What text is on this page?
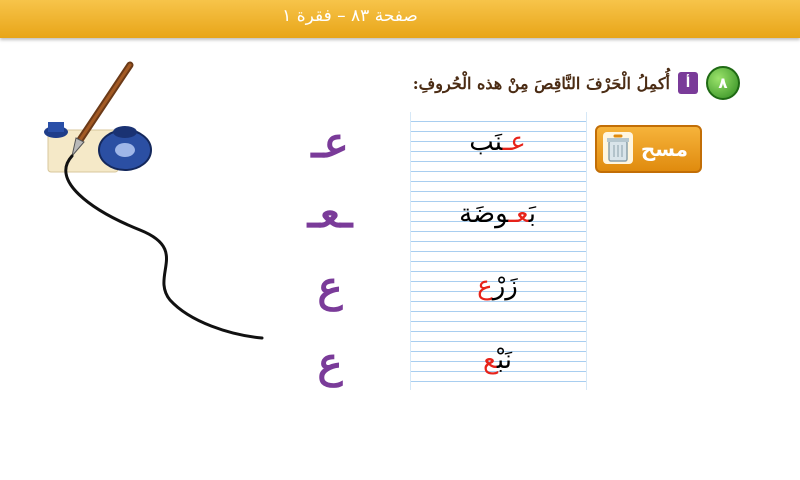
صفحة ٨٣ – فقرة ١
٨
أ
أُكمِلُ الْحَرْفَ النَّاقِصَ مِنْ هذه الْحُروفِ:
مسح
عـنَب
بَعـوضَة
زَرْع
نَبْع
عـ
ـعـ
ع
ع
